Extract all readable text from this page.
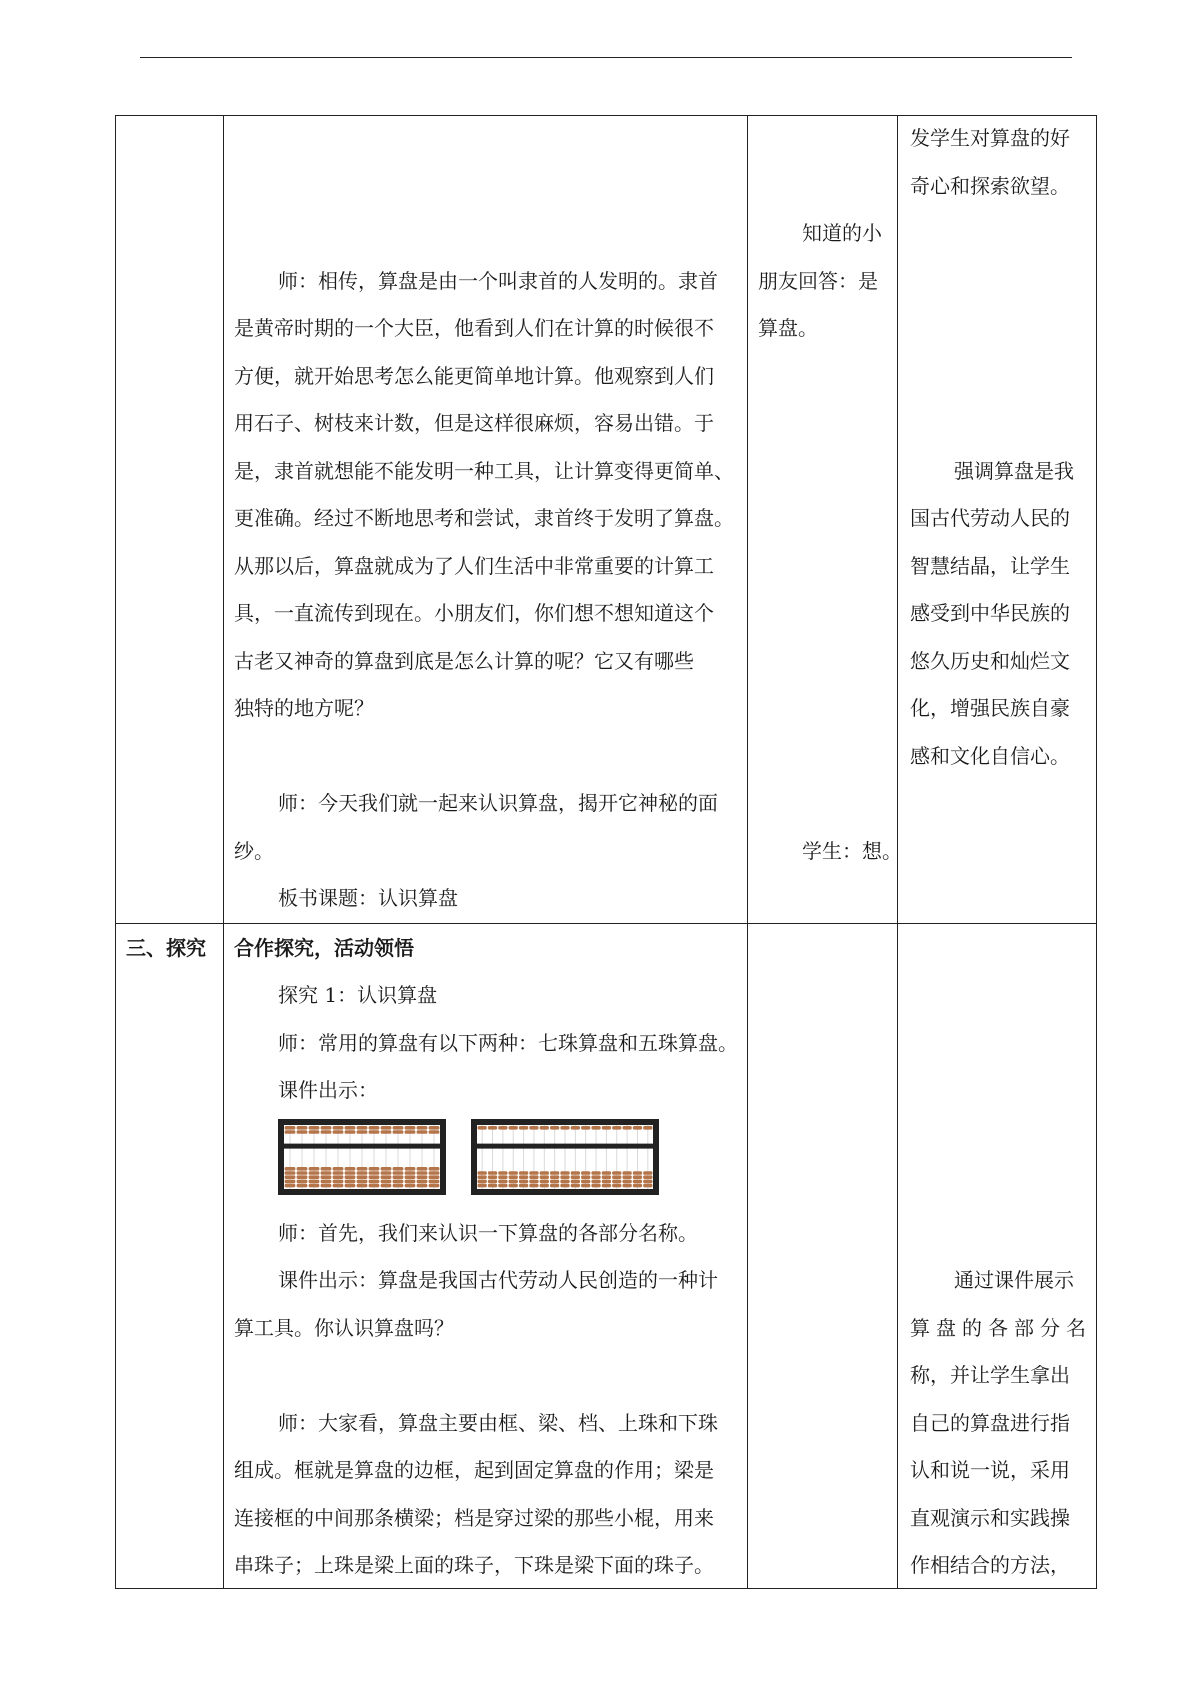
师：相传，算盘是由一个叫隶首的人发明的。隶首
是黄帝时期的一个大臣，他看到人们在计算的时候很不
方便，就开始思考怎么能更简单地计算。他观察到人们
用石子、树枝来计数，但是这样很麻烦，容易出错。于
是，隶首就想能不能发明一种工具，让计算变得更简单、
更准确。经过不断地思考和尝试，隶首终于发明了算盘。
从那以后，算盘就成为了人们生活中非常重要的计算工
具，一直流传到现在。小朋友们，你们想不想知道这个
古老又神奇的算盘到底是怎么计算的呢？它又有哪些
独特的地方呢？
师：今天我们就一起来认识算盘，揭开它神秘的面
纱。
板书课题：认识算盘
知道的小
朋友回答：是
算盘。
学生：想。
发学生对算盘的好
奇心和探索欲望。
强调算盘是我
国古代劳动人民的
智慧结晶，让学生
感受到中华民族的
悠久历史和灿烂文
化，增强民族自豪
感和文化自信心。
三、探究 合作探究，活动领悟
探究 1：认识算盘
师：常用的算盘有以下两种：七珠算盘和五珠算盘。
课件出示：
师：首先，我们来认识一下算盘的各部分名称。
课件出示：算盘是我国古代劳动人民创造的一种计
算工具。你认识算盘吗？
师：大家看，算盘主要由框、梁、档、上珠和下珠
组成。框就是算盘的边框，起到固定算盘的作用；梁是
连接框的中间那条横梁；档是穿过梁的那些小棍，用来
串珠子；上珠是梁上面的珠子，下珠是梁下面的珠子。
通过课件展示
算盘的各部分名
称，并让学生拿出
自己的算盘进行指
认和说一说，采用
直观演示和实践操
作相结合的方法，
